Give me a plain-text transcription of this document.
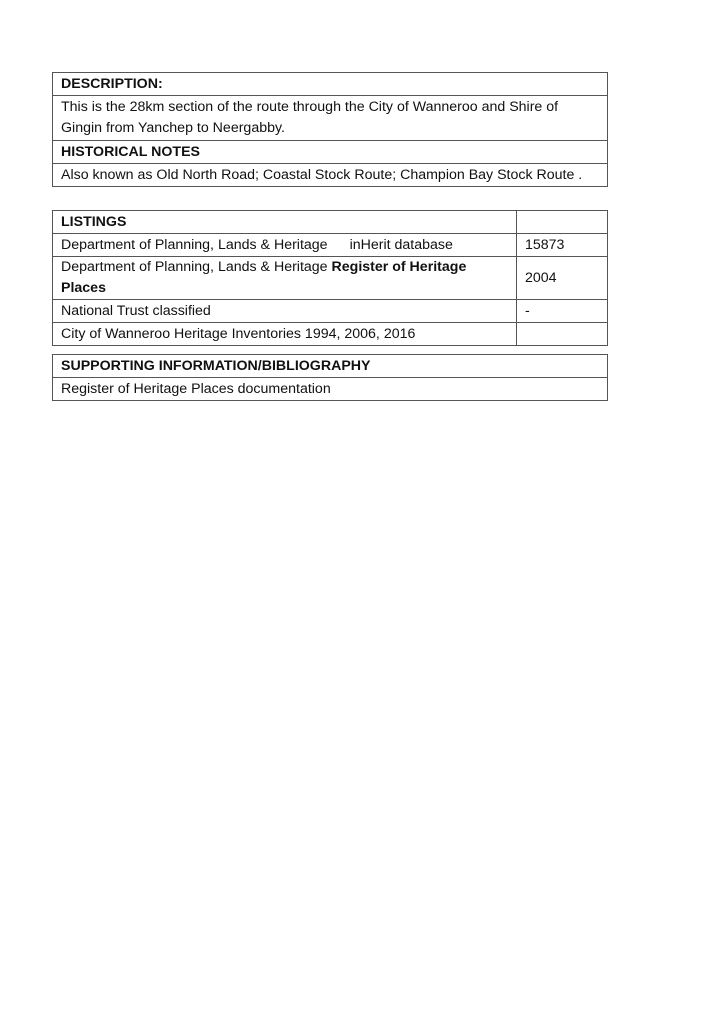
DESCRIPTION:
This is the 28km section of the route through the City of Wanneroo and Shire of Gingin from Yanchep to Neergabby.
HISTORICAL NOTES
Also known as Old North Road; Coastal Stock Route; Champion Bay Stock Route .
LISTINGS	
Department of Planning, Lands & Heritage inHerit database	15873
Department of Planning, Lands & Heritage Register of Heritage Places	2004
National Trust classified	-
City of Wanneroo Heritage Inventories 1994, 2006, 2016	
SUPPORTING INFORMATION/BIBLIOGRAPHY
Register of Heritage Places documentation
